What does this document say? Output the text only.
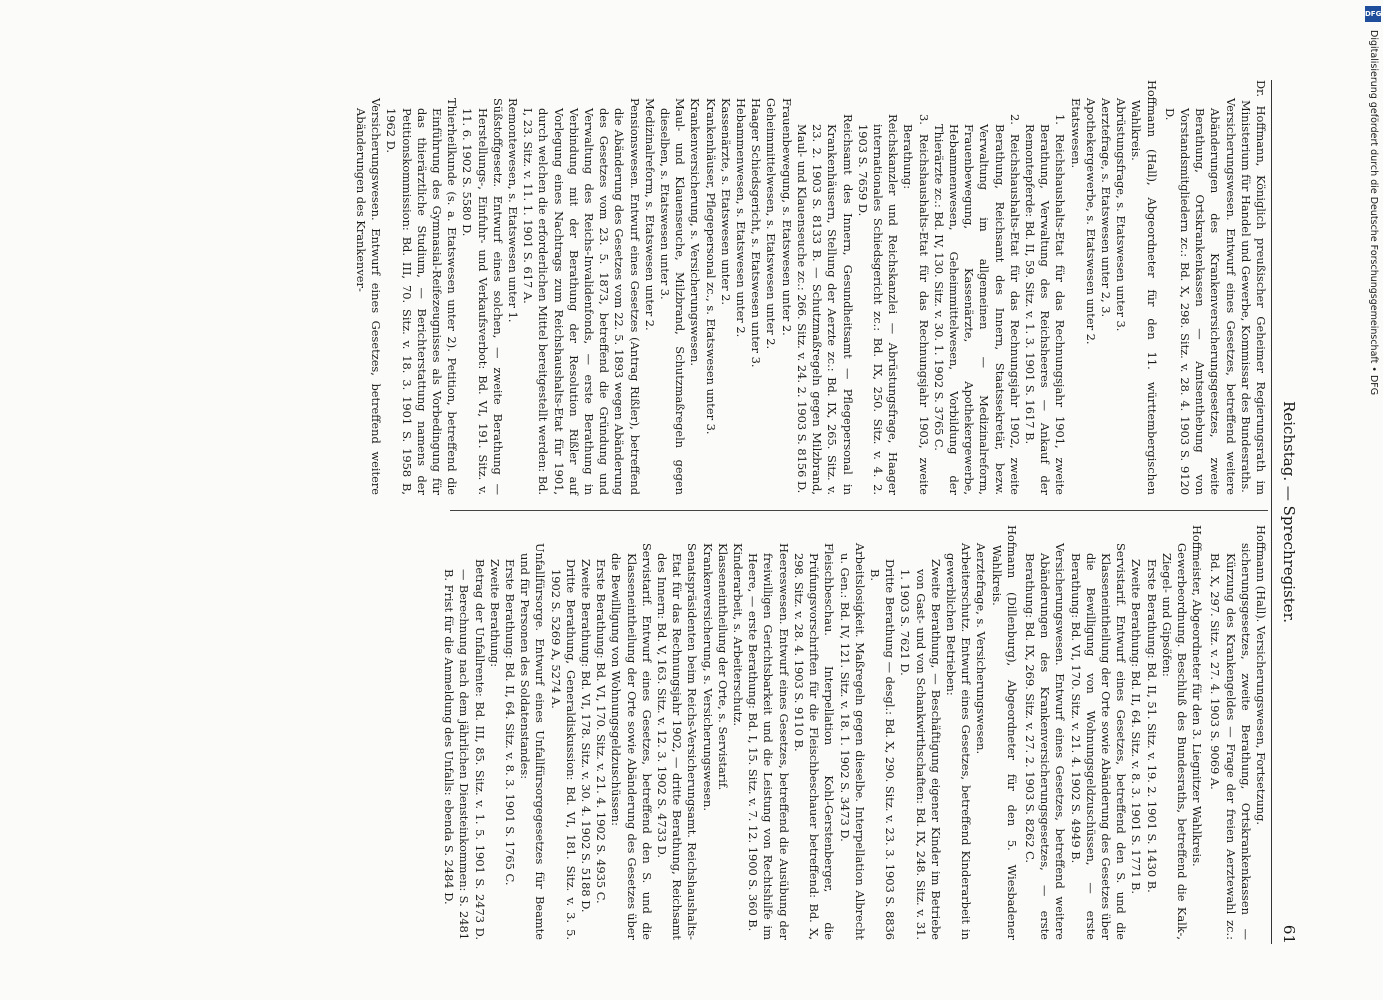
Reichstag. — Sprechregister.
61

Dr. Hoffmann, Königlich preußischer Geheimer Regierungsrath im Ministerium für Handel und Gewerbe, Kommissar des Bundesraths.

Versicherungswesen. Entwurf eines Gesetzes, betreffend weitere Abänderungen des Krankenversicherungsgesetzes, zweite Berathung, Ortskrankenkassen — Amtsenthebung von Vorstandsmitgliedern zc.: Bd. X, 298. Sitz. v. 28. 4. 1903 S. 9120 D.

Hoffmann (Hall), Abgeordneter für den 11. württembergischen Wahlkreis.

Abrüstungsfrage, s. Etatswesen unter 3.

Aerztefrage, s. Etatswesen unter 2, 3.

Apothekergewerbe, s. Etatswesen unter 2.

Etatswesen.

1. Reichshaushalts-Etat für das Rechnungsjahr 1901, zweite Berathung, Verwaltung des Reichsheeres — Ankauf der Remontepferde: Bd. II, 59. Sitz. v. 1. 3. 1901 S. 1617 B.

2. Reichshaushalts-Etat für das Rechnungsjahr 1902, zweite Berathung, Reichsamt des Innern, Staatssekretär, bezw. Verwaltung im allgemeinen — Medizinalreform, Frauenbewegung, Kassenärzte, Apothekergewerbe, Hebammenwesen, Geheimmittelwesen, Vorbildung der Thierärzte zc.: Bd. IV, 130. Sitz. v. 30. 1. 1902 S. 3765 C.

3. Reichshaushalts-Etat für das Rechnungsjahr 1903, zweite Berathung:

Reichskanzler und Reichskanzlei — Abrüstungsfrage, Haager internationales Schiedsgericht zc.: Bd. IX, 250. Sitz. v. 4. 2. 1903 S. 7659 D.

Reichsamt des Innern, Gesundheitsamt — Pflegepersonal in Krankenhäusern, Stellung der Aerzte zc.: Bd. IX, 265. Sitz. v. 23. 2. 1903 S. 8133 B. — Schutzmaßregeln gegen Milzbrand, Maul- und Klauenseuche zc.: 266. Sitz. v. 24. 2. 1903 S. 8156 D.

Frauenbewegung, s. Etatswesen unter 2.

Geheimmittelwesen, s. Etatswesen unter 2.

Haager Schiedsgericht, s. Etatswesen unter 3.

Hebammenwesen, s. Etatswesen unter 2.

Kassenärzte, s. Etatswesen unter 2.

Krankenhäuser, Pflegepersonal zc., s. Etatswesen unter 3.

Krankenversicherung, s. Versicherungswesen.

Maul- und Klauenseuche, Milzbrand, Schutzmaßregeln gegen dieselben, s. Etatswesen unter 3.

Medizinalreform, s. Etatswesen unter 2.

Pensionswesen. Entwurf eines Gesetzes (Antrag Rißler), betreffend die Abänderung des Gesetzes vom 22. 5. 1893 wegen Abänderung des Gesetzes vom 23. 5. 1873, betreffend die Gründung und Verwaltung des Reichs-Invalidenfonds, — erste Berathung in Verbindung mit der Berathung der Resolution Rißler auf Vorlegung eines Nachtrags zum Reichshaushalts-Etat für 1901, durch welchen die erforderlichen Mittel bereitgestellt werden: Bd. I, 23. Sitz. v. 11. 1. 1901 S. 617 A.

Remontewesen, s. Etatswesen unter 1.

Süßstoffgesetz. Entwurf eines solchen, — zweite Berathung — Herstellungs-, Einfuhr- und Verkaufsverbot: Bd. VI, 191. Sitz. v. 11. 6. 1902 S. 5580 D.

Thierheilkunde (s. a. Etatswesen unter 2). Petition, betreffend die Einführung des Gymnasial-Reifezeugnisses als Vorbedingung für das thierärztliche Studium, — Berichterstattung namens der Petitionskommission: Bd. III, 70. Sitz. v. 18. 3. 1901 S. 1958 B, 1962 D.

Versicherungswesen. Entwurf eines Gesetzes, betreffend weitere Abänderungen des Krankenver-

Hoffmann (Hall). Versicherungswesen, Fortsetzung.

sicherungsgesetzes, zweite Berathung, Ortskrankenkassen — Kürzung des Krankengeldes — Frage der freien Aerztewahl zc.: Bd. X, 297. Sitz. v. 27. 4. 1903 S. 9069 A.

Hoffmeister, Abgeordneter für den 3. Liegnitzer Wahlkreis.

Gewerbeordnung. Beschluß des Bundesraths, betreffend die Kalk-, Ziegel- und Gipsöfen:

Erste Berathung: Bd. II, 51. Sitz. v. 19. 2. 1901 S. 1430 B.

Zweite Berathung: Bd. II, 64. Sitz. v. 8. 3. 1901 S. 1771 B.

Servistarif. Entwurf eines Gesetzes, betreffend den S. und die Klasseneintheilung der Orte sowie Abänderung des Gesetzes über die Bewilligung von Wohnungsgeldzuschüssen, — erste Berathung: Bd. VI, 170. Sitz. v. 21. 4. 1902 S. 4949 B.

Versicherungswesen. Entwurf eines Gesetzes, betreffend weitere Abänderungen des Krankenversicherungsgesetzes, — erste Berathung: Bd. IX, 269. Sitz. v. 27. 2. 1903 S. 8262 C.

Hofmann (Dillenburg), Abgeordneter für den 5. Wiesbadener Wahlkreis.

Aerztefrage, s. Versicherungswesen.

Arbeiterschutz. Entwurf eines Gesetzes, betreffend Kinderarbeit in gewerblichen Betrieben:

Zweite Berathung, — Beschäftigung eigener Kinder im Betriebe von Gast- und von Schankwirthschaften: Bd. IX, 248. Sitz. v. 31. 1. 1903 S. 7621 D.

Dritte Berathung — desgl.: Bd. X, 290. Sitz. v. 23. 3. 1903 S. 8836 B.

Arbeitslosigkeit. Maßregeln gegen dieselbe. Interpellation Albrecht u. Gen.: Bd. IV, 121. Sitz. v. 18. 1. 1902 S. 3473 D.

Fleischbeschau. Interpellation Kohl-Gerstenberger, die Prüfungsvorschriften für die Fleischbeschauer betreffend: Bd. X, 298. Sitz. v. 28. 4. 1903 S. 9110 B.

Heereswesen. Entwurf eines Gesetzes, betreffend die Ausübung der freiwilligen Gerichtsbarkeit und die Leistung von Rechtshilfe im Heere, — erste Berathung: Bd. I, 15. Sitz. v. 7. 12. 1900 S. 360 B.

Kinderarbeit, s. Arbeiterschutz.

Klasseneintheilung der Orte, s. Servistarif.

Krankenversicherung, s. Versicherungswesen.

Senatspräsidenten beim Reichs-Versicherungsamt. Reichshaushalts-Etat für das Rechnungsjahr 1902, — dritte Berathung, Reichsamt des Innern: Bd. V, 163. Sitz. v. 12. 3. 1902 S. 4733 D.

Servistarif. Entwurf eines Gesetzes, betreffend den S. und die Klasseneintheilung der Orte sowie Abänderung des Gesetzes über die Bewilligung von Wohnungsgeldzuschüssen:

Erste Berathung: Bd. VI, 170. Sitz. v. 21. 4. 1902 S. 4935 C.

Zweite Berathung: Bd. VI, 178. Sitz. v. 30. 4. 1902 S. 5188 D.

Dritte Berathung, Generaldiskussion: Bd. VI, 181. Sitz. v. 3. 5. 1902 S. 5269 A, 5274 A.

Unfallfürsorge. Entwurf eines Unfallfürsorgegesetzes für Beamte und für Personen des Soldatenstandes:

Erste Berathung: Bd. II, 64. Sitz. v. 8. 3. 1901 S. 1765 C.

Zweite Berathung:

Betrag der Unfallrente: Bd. III, 85. Sitz. v. 1. 5. 1901 S. 2473 D. — Berechnung nach dem jährlichen Diensteinkommen: S. 2481 B. Frist für die Anmeldung des Unfalls: ebenda S. 2484 D.

Digitalisierung gefördert durch die Deutsche Forschungsgemeinschaft • DFG
DFG
